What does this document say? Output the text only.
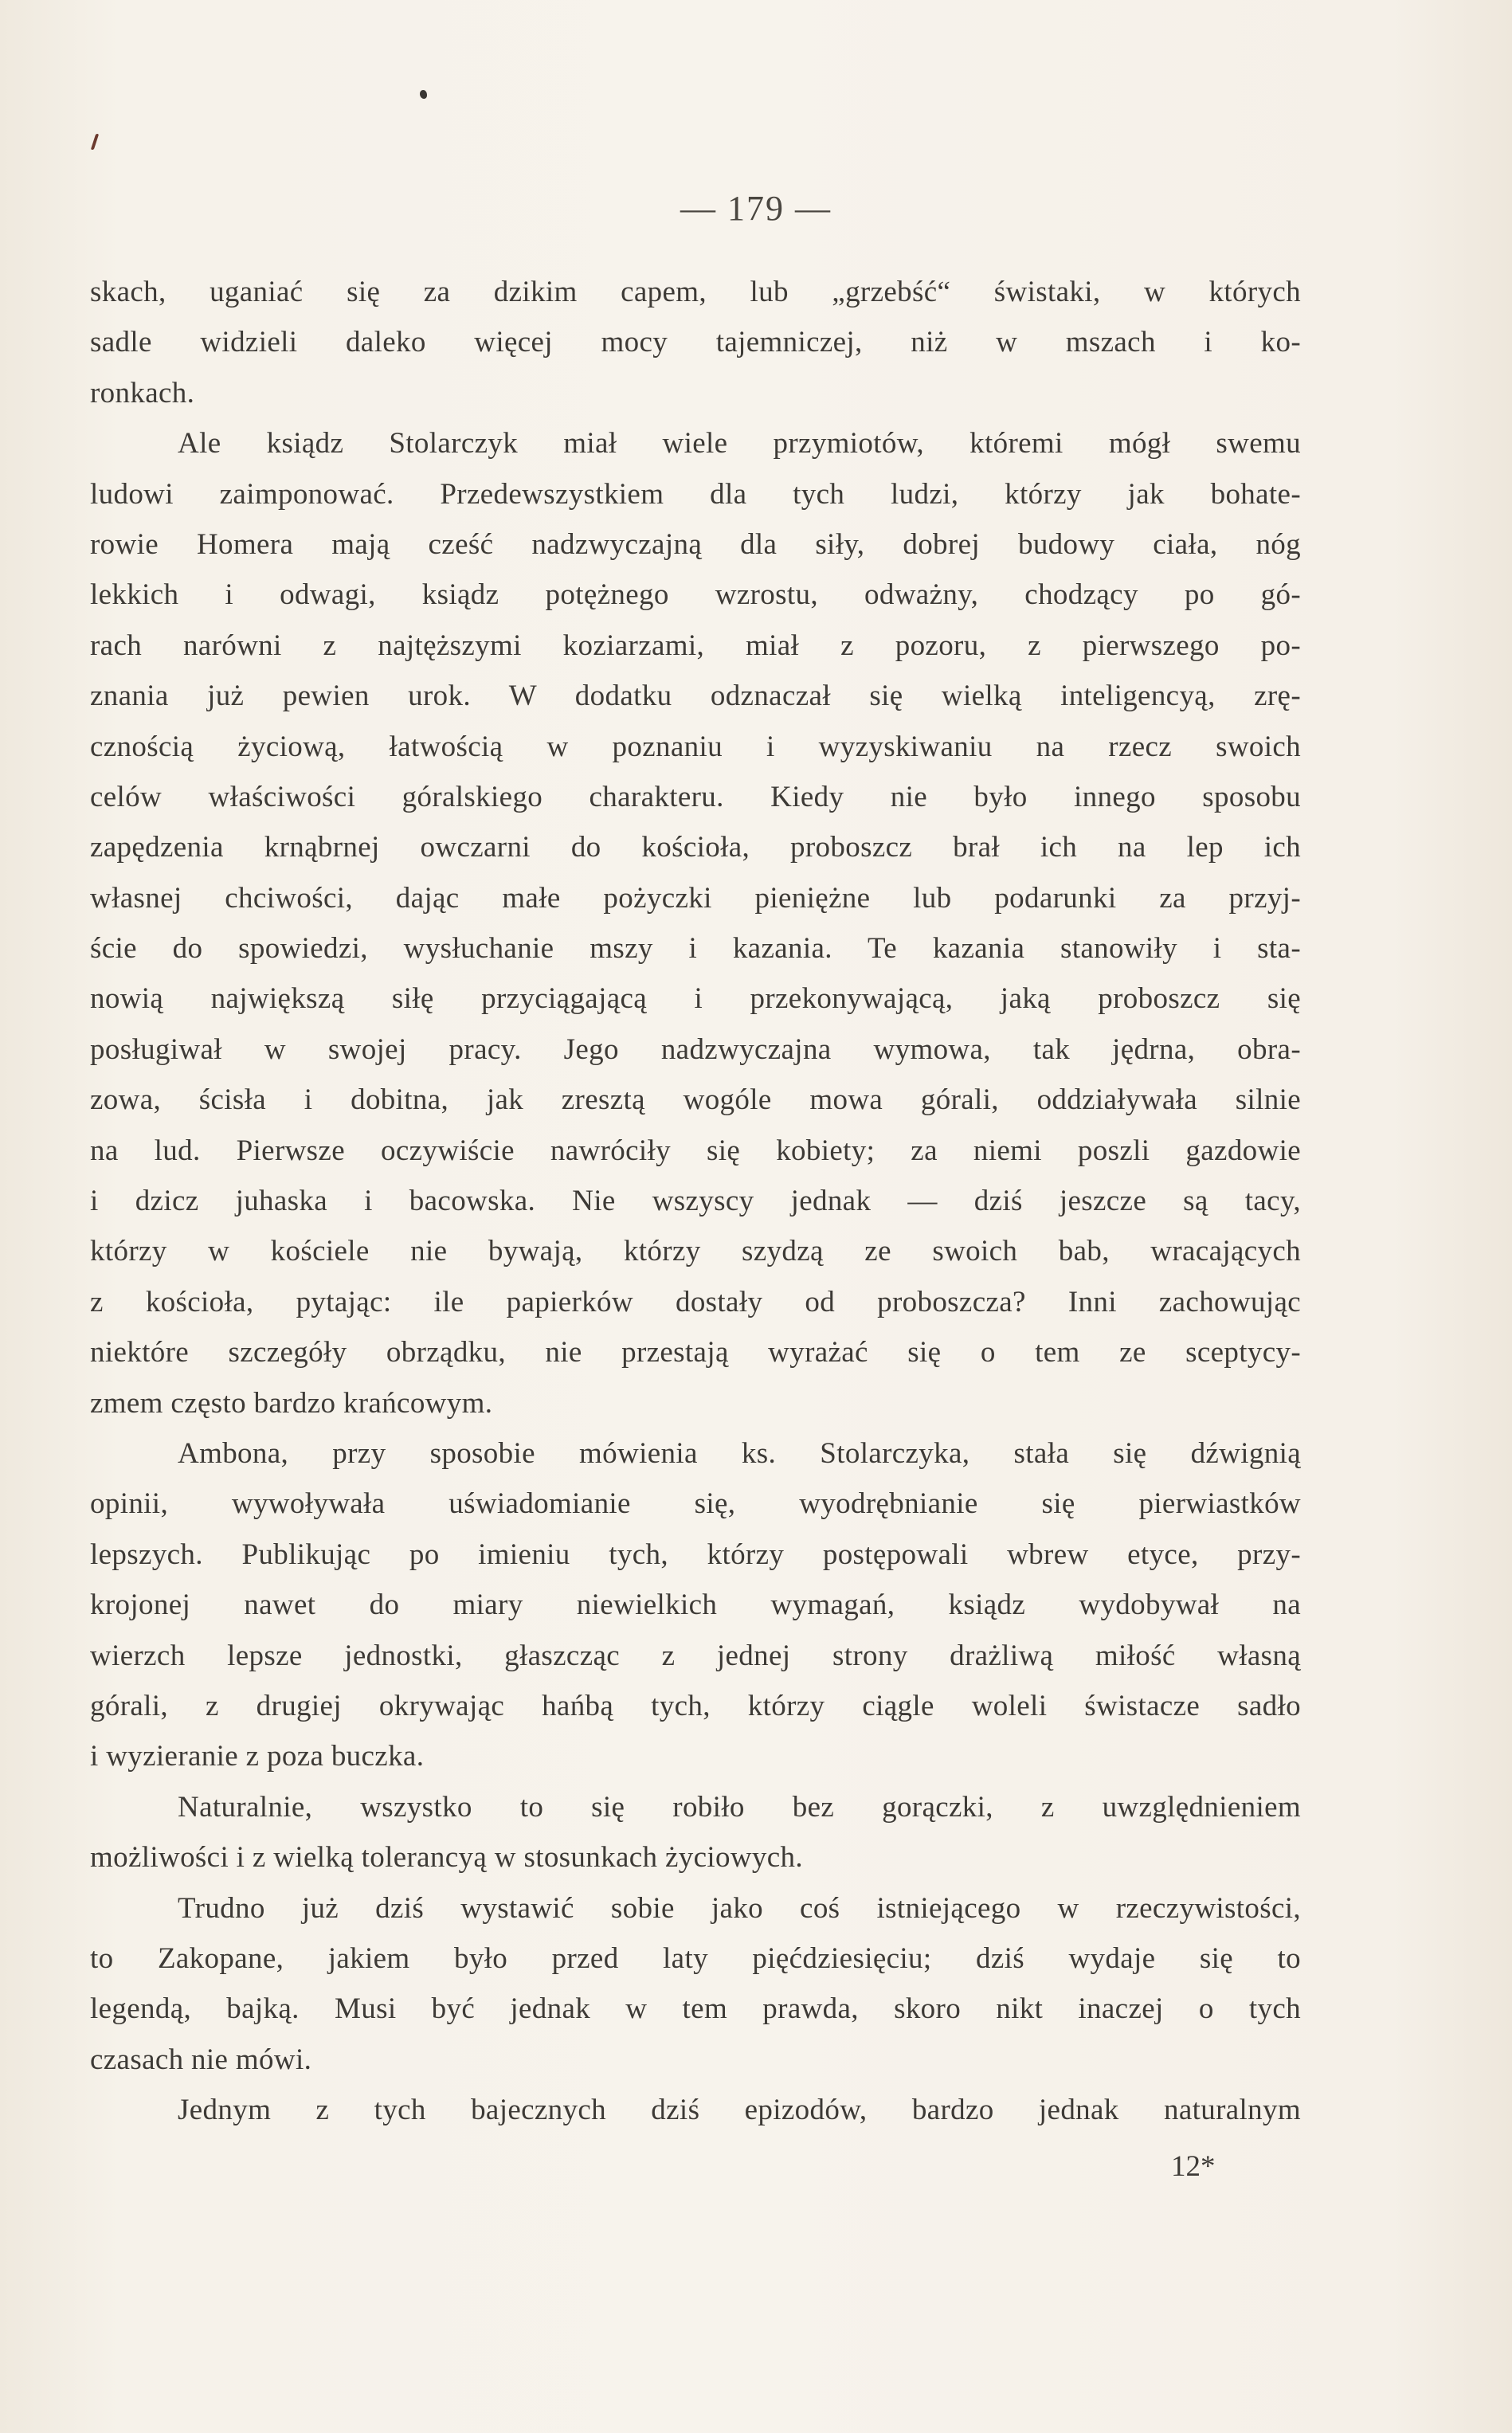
— 179 —
skach, uganiać się za dzikim capem, lub „grzebść“ świstaki, w których
sadle widzieli daleko więcej mocy tajemniczej, niż w mszach i ko-
ronkach.
Ale ksiądz Stolarczyk miał wiele przymiotów, któremi mógł swemu
ludowi zaimponować. Przedewszystkiem dla tych ludzi, którzy jak bohate-
rowie Homera mają cześć nadzwyczajną dla siły, dobrej budowy ciała, nóg
lekkich i odwagi, ksiądz potężnego wzrostu, odważny, chodzący po gó-
rach narówni z najtęższymi koziarzami, miał z pozoru, z pierwszego po-
znania już pewien urok. W dodatku odznaczał się wielką inteligencyą, zrę-
cznością życiową, łatwością w poznaniu i wyzyskiwaniu na rzecz swoich
celów właściwości góralskiego charakteru. Kiedy nie było innego sposobu
zapędzenia krnąbrnej owczarni do kościoła, proboszcz brał ich na lep ich
własnej chciwości, dając małe pożyczki pieniężne lub podarunki za przyj-
ście do spowiedzi, wysłuchanie mszy i kazania. Te kazania stanowiły i sta-
nowią największą siłę przyciągającą i przekonywającą, jaką proboszcz się
posługiwał w swojej pracy. Jego nadzwyczajna wymowa, tak jędrna, obra-
zowa, ścisła i dobitna, jak zresztą wogóle mowa górali, oddziaływała silnie
na lud. Pierwsze oczywiście nawróciły się kobiety; za niemi poszli gazdowie
i dzicz juhaska i bacowska. Nie wszyscy jednak — dziś jeszcze są tacy,
którzy w kościele nie bywają, którzy szydzą ze swoich bab, wracających
z kościoła, pytając: ile papierków dostały od proboszcza? Inni zachowując
niektóre szczegóły obrządku, nie przestają wyrażać się o tem ze sceptycy-
zmem często bardzo krańcowym.
Ambona, przy sposobie mówienia ks. Stolarczyka, stała się dźwignią
opinii, wywoływała uświadomianie się, wyodrębnianie się pierwiastków
lepszych. Publikując po imieniu tych, którzy postępowali wbrew etyce, przy-
krojonej nawet do miary niewielkich wymagań, ksiądz wydobywał na
wierzch lepsze jednostki, głaszcząc z jednej strony drażliwą miłość własną
górali, z drugiej okrywając hańbą tych, którzy ciągle woleli świstacze sadło
i wyzieranie z poza buczka.
Naturalnie, wszystko to się robiło bez gorączki, z uwzględnieniem
możliwości i z wielką tolerancyą w stosunkach życiowych.
Trudno już dziś wystawić sobie jako coś istniejącego w rzeczywistości,
to Zakopane, jakiem było przed laty pięćdziesięciu; dziś wydaje się to
legendą, bajką. Musi być jednak w tem prawda, skoro nikt inaczej o tych
czasach nie mówi.
Jednym z tych bajecznych dziś epizodów, bardzo jednak naturalnym
12*
